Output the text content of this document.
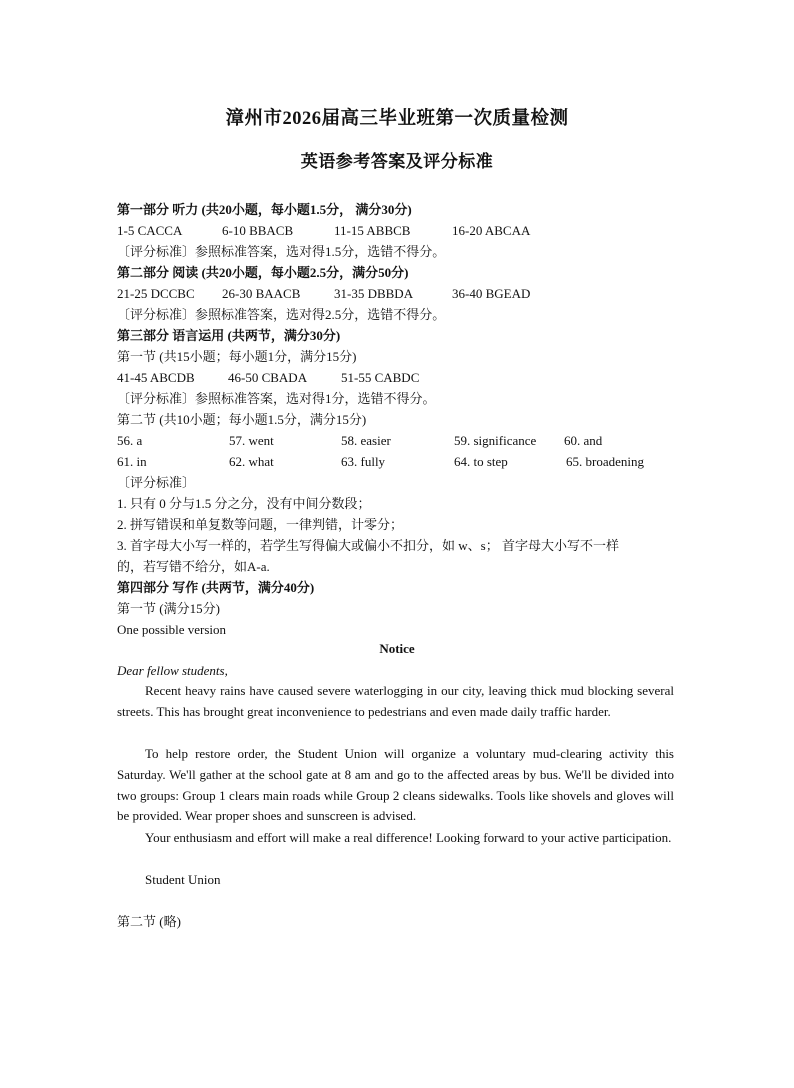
漳州市2026届高三毕业班第一次质量检测
英语参考答案及评分标准
第一部分 听力 (共20小题，每小题1.5分， 满分30分)
1-5 CACCA	6-10 BBACB	11-15 ABBCB	16-20 ABCAA
〔评分标准〕参照标准答案，选对得1.5分，选错不得分。
第二部分 阅读 (共20小题，每小题2.5分，满分50分)
21-25 DCCBC 26-30 BAACB	31-35 DBBDA	36-40 BGEAD
〔评分标准〕参照标准答案，选对得2.5分，选错不得分。
第三部分 语言运用 (共两节，满分30分)
第一节 (共15小题；每小题1分，满分15分)
41-45 ABCDB	46-50 CBADA	51-55 CABDC
〔评分标准〕参照标准答案，选对得1分，选错不得分。
第二节 (共10小题；每小题1.5分，满分15分)
56. a	57. went	58. easier	59. significance 60. and
61. in	62. what	63. fully	64. to step	65. broadening
〔评分标准〕
1. 只有 0 分与1.5 分之分，没有中间分数段；
2. 拼写错误和单复数等问题，一律判错，计零分；
3. 首字母大小写一样的，若学生写得偏大或偏小不扣分，如 w、s； 首字母大小写不一样
的，若写错不给分，如A-a.
第四部分 写作 (共两节，满分40分)
第一节 (满分15分)
One possible version
Notice
Dear fellow students,
Recent heavy rains have caused severe waterlogging in our city, leaving thick mud blocking several streets. This has brought great inconvenience to pedestrians and even made daily traffic harder.
To help restore order, the Student Union will organize a voluntary mud-clearing activity this Saturday. We'll gather at the school gate at 8 am and go to the affected areas by bus. We'll be divided into two groups: Group 1 clears main roads while Group 2 cleans sidewalks. Tools like shovels and gloves will be provided. Wear proper shoes and sunscreen is advised.
Your enthusiasm and effort will make a real difference! Looking forward to your active participation.
Student Union
第二节 (略)
